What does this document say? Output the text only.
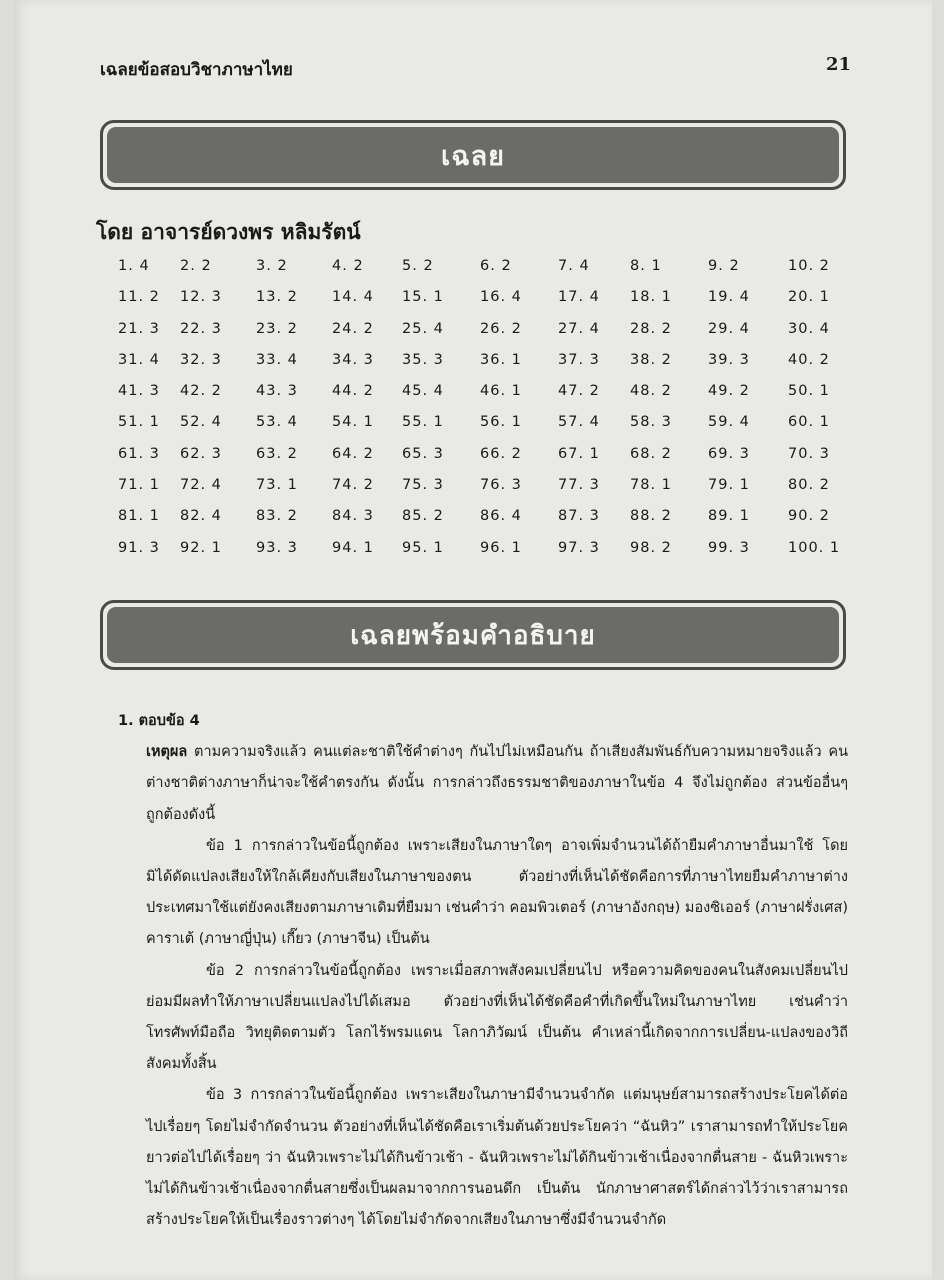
เฉลยข้อสอบวิชาภาษาไทย	21
เฉลย
โดย อาจารย์ดวงพร หลิมรัตน์
1. 4 2. 2	3. 2	4. 2	5. 2	6. 2	7. 4	8. 1	9. 2	10. 2
11. 2 12. 3 13. 2 14. 4 15. 1 16. 4 17. 4 18. 1 19. 4	20. 1
21. 3 22. 3 23. 2 24. 2 25. 4 26. 2 27. 4 28. 2 29. 4	30. 4
31. 4 32. 3 33. 4 34. 3 35. 3 36. 1 37. 3 38. 2 39. 3	40. 2
41. 3 42. 2 43. 3 44. 2 45. 4 46. 1 47. 2 48. 2 49. 2	50. 1
51. 1 52. 4 53. 4 54. 1 55. 1 56. 1 57. 4 58. 3 59. 4	60. 1
61. 3 62. 3 63. 2 64. 2 65. 3 66. 2 67. 1 68. 2 69. 3	70. 3
71. 1 72. 4 73. 1 74. 2 75. 3 76. 3 77. 3 78. 1 79. 1	80. 2
81. 1 82. 4 83. 2 84. 3 85. 2 86. 4 87. 3 88. 2 89. 1	90. 2
91. 3 92. 1 93. 3 94. 1 95. 1 96. 1 97. 3 98. 2 99. 3	100. 1
เฉลยพร้อมคำอธิบาย
1. ตอบข้อ 4

เหตุผล ตามความจริงแล้ว คนแต่ละชาติใช้คำต่างๆ กันไปไม่เหมือนกัน ถ้าเสียงสัมพันธ์กับความหมายจริงแล้ว คนต่างชาติต่างภาษาก็น่าจะใช้คำตรงกัน ดังนั้น การกล่าวถึงธรรมชาติของภาษาในข้อ 4 จึงไม่ถูกต้อง ส่วนข้ออื่นๆ ถูกต้องดังนี้

ข้อ 1 การกล่าวในข้อนี้ถูกต้อง เพราะเสียงในภาษาใดๆ อาจเพิ่มจำนวนได้ถ้ายืมคำภาษาอื่นมาใช้ โดยมิได้ดัดแปลงเสียงให้ใกล้เคียงกับเสียงในภาษาของตน ตัวอย่างที่เห็นได้ชัดคือการที่ภาษาไทยยืมคำภาษาต่างประเทศมาใช้แต่ยังคงเสียงตามภาษาเดิมที่ยืมมา เช่นคำว่า คอมพิวเตอร์ (ภาษาอังกฤษ) มองซิเออร์ (ภาษาฝรั่งเศส) คาราเต้ (ภาษาญี่ปุ่น) เกี๊ยว (ภาษาจีน) เป็นต้น

ข้อ 2 การกล่าวในข้อนี้ถูกต้อง เพราะเมื่อสภาพสังคมเปลี่ยนไป หรือความคิดของคนในสังคมเปลี่ยนไป ย่อมมีผลทำให้ภาษาเปลี่ยนแปลงไปได้เสมอ ตัวอย่างที่เห็นได้ชัดคือคำที่เกิดขึ้นใหม่ในภาษาไทย เช่นคำว่า โทรศัพท์มือถือ วิทยุติดตามตัว โลกไร้พรมแดน โลกาภิวัฒน์ เป็นต้น คำเหล่านี้เกิดจากการเปลี่ยน-แปลงของวิถีสังคมทั้งสิ้น

ข้อ 3 การกล่าวในข้อนี้ถูกต้อง เพราะเสียงในภาษามีจำนวนจำกัด แต่มนุษย์สามารถสร้างประโยคได้ต่อไปเรื่อยๆ โดยไม่จำกัดจำนวน ตัวอย่างที่เห็นได้ชัดคือเราเริ่มต้นด้วยประโยคว่า “ฉันหิว” เราสามารถทำให้ประโยคยาวต่อไปได้เรื่อยๆ ว่า ฉันหิวเพราะไม่ได้กินข้าวเช้า - ฉันหิวเพราะไม่ได้กินข้าวเช้าเนื่องจากตื่นสาย - ฉันหิวเพราะไม่ได้กินข้าวเช้าเนื่องจากตื่นสายซึ่งเป็นผลมาจากการนอนดึก เป็นต้น นักภาษาศาสตร์ได้กล่าวไว้ว่าเราสามารถสร้างประโยคให้เป็นเรื่องราวต่างๆ ได้โดยไม่จำกัดจากเสียงในภาษาซึ่งมีจำนวนจำกัด
